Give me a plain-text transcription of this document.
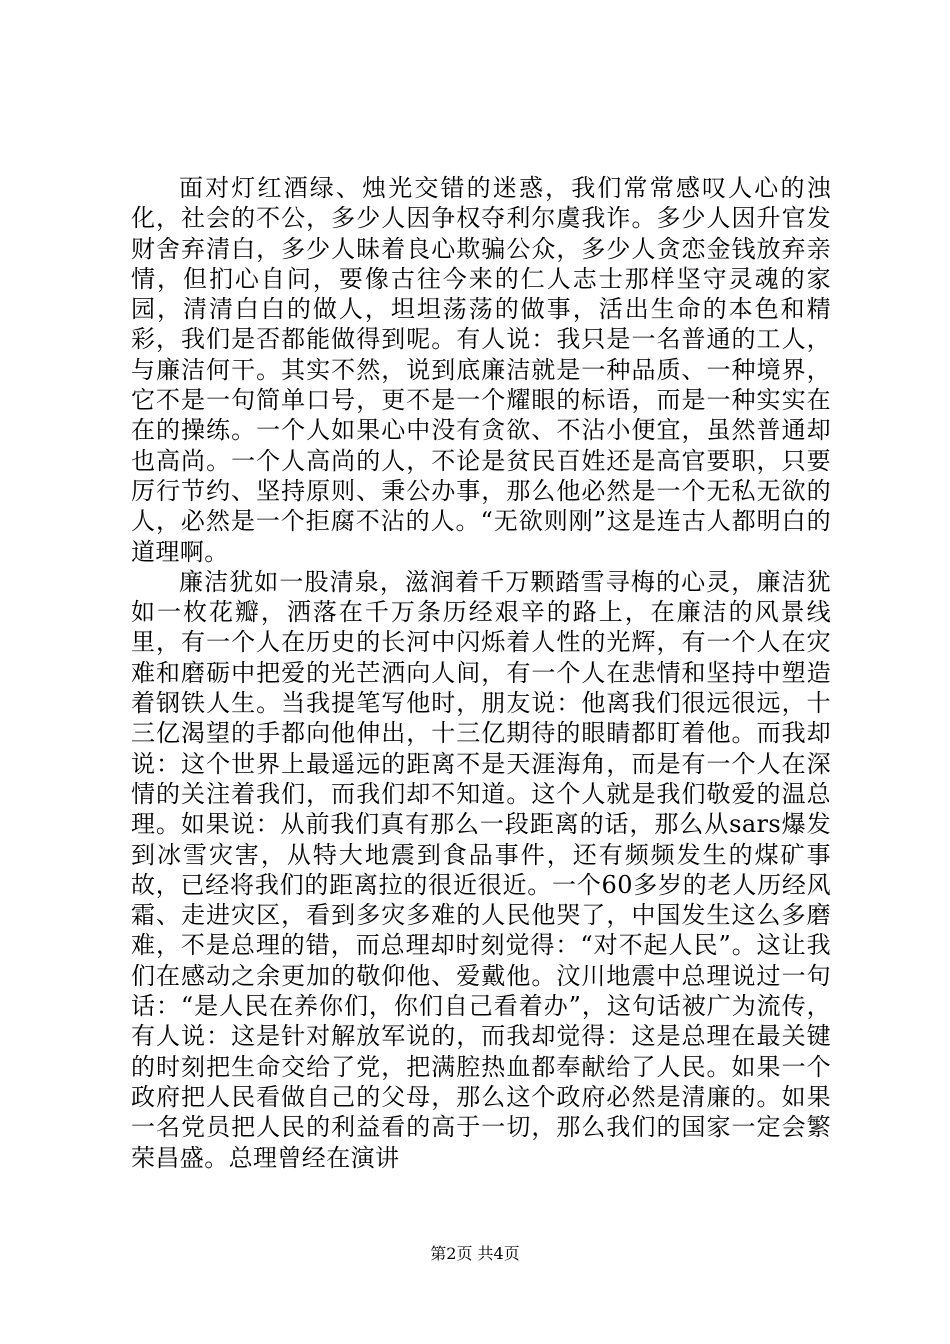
面对灯红酒绿、烛光交错的迷惑，我们常常感叹人心的浊化，社会的不公，多少人因争权夺利尔虞我诈。多少人因升官发财舍弃清白，多少人昧着良心欺骗公众，多少人贪恋金钱放弃亲情，但扪心自问，要像古往今来的仁人志士那样坚守灵魂的家园，清清白白的做人，坦坦荡荡的做事，活出生命的本色和精彩，我们是否都能做得到呢。有人说：我只是一名普通的工人，与廉洁何干。其实不然，说到底廉洁就是一种品质、一种境界，它不是一句简单口号，更不是一个耀眼的标语，而是一种实实在在的操练。一个人如果心中没有贪欲、不沾小便宜，虽然普通却也高尚。一个人高尚的人，不论是贫民百姓还是高官要职，只要厉行节约、坚持原则、秉公办事，那么他必然是一个无私无欲的人，必然是一个拒腐不沾的人。“无欲则刚”这是连古人都明白的道理啊。

廉洁犹如一股清泉，滋润着千万颗踏雪寻梅的心灵，廉洁犹如一枚花瓣，洒落在千万条历经艰辛的路上，在廉洁的风景线里，有一个人在历史的长河中闪烁着人性的光辉，有一个人在灾难和磨砺中把爱的光芒洒向人间，有一个人在悲情和坚持中塑造着钢铁人生。当我提笔写他时，朋友说：他离我们很远很远，十三亿渴望的手都向他伸出，十三亿期待的眼睛都盯着他。而我却说：这个世界上最遥远的距离不是天涯海角，而是有一个人在深情的关注着我们，而我们却不知道。这个人就是我们敬爱的温总理。如果说：从前我们真有那么一段距离的话，那么从sars爆发到冰雪灾害，从特大地震到食品事件，还有频频发生的煤矿事故，已经将我们的距离拉的很近很近。一个60多岁的老人历经风霜、走进灾区，看到多灾多难的人民他哭了，中国发生这么多磨难，不是总理的错，而总理却时刻觉得：“对不起人民”。这让我们在感动之余更加的敬仰他、爱戴他。汶川地震中总理说过一句话：“是人民在养你们，你们自己看着办”，这句话被广为流传，有人说：这是针对解放军说的，而我却觉得：这是总理在最关键的时刻把生命交给了党，把满腔热血都奉献给了人民。如果一个政府把人民看做自己的父母，那么这个政府必然是清廉的。如果一名党员把人民的利益看的高于一切，那么我们的国家一定会繁荣昌盛。总理曾经在演讲

第2页 共4页
